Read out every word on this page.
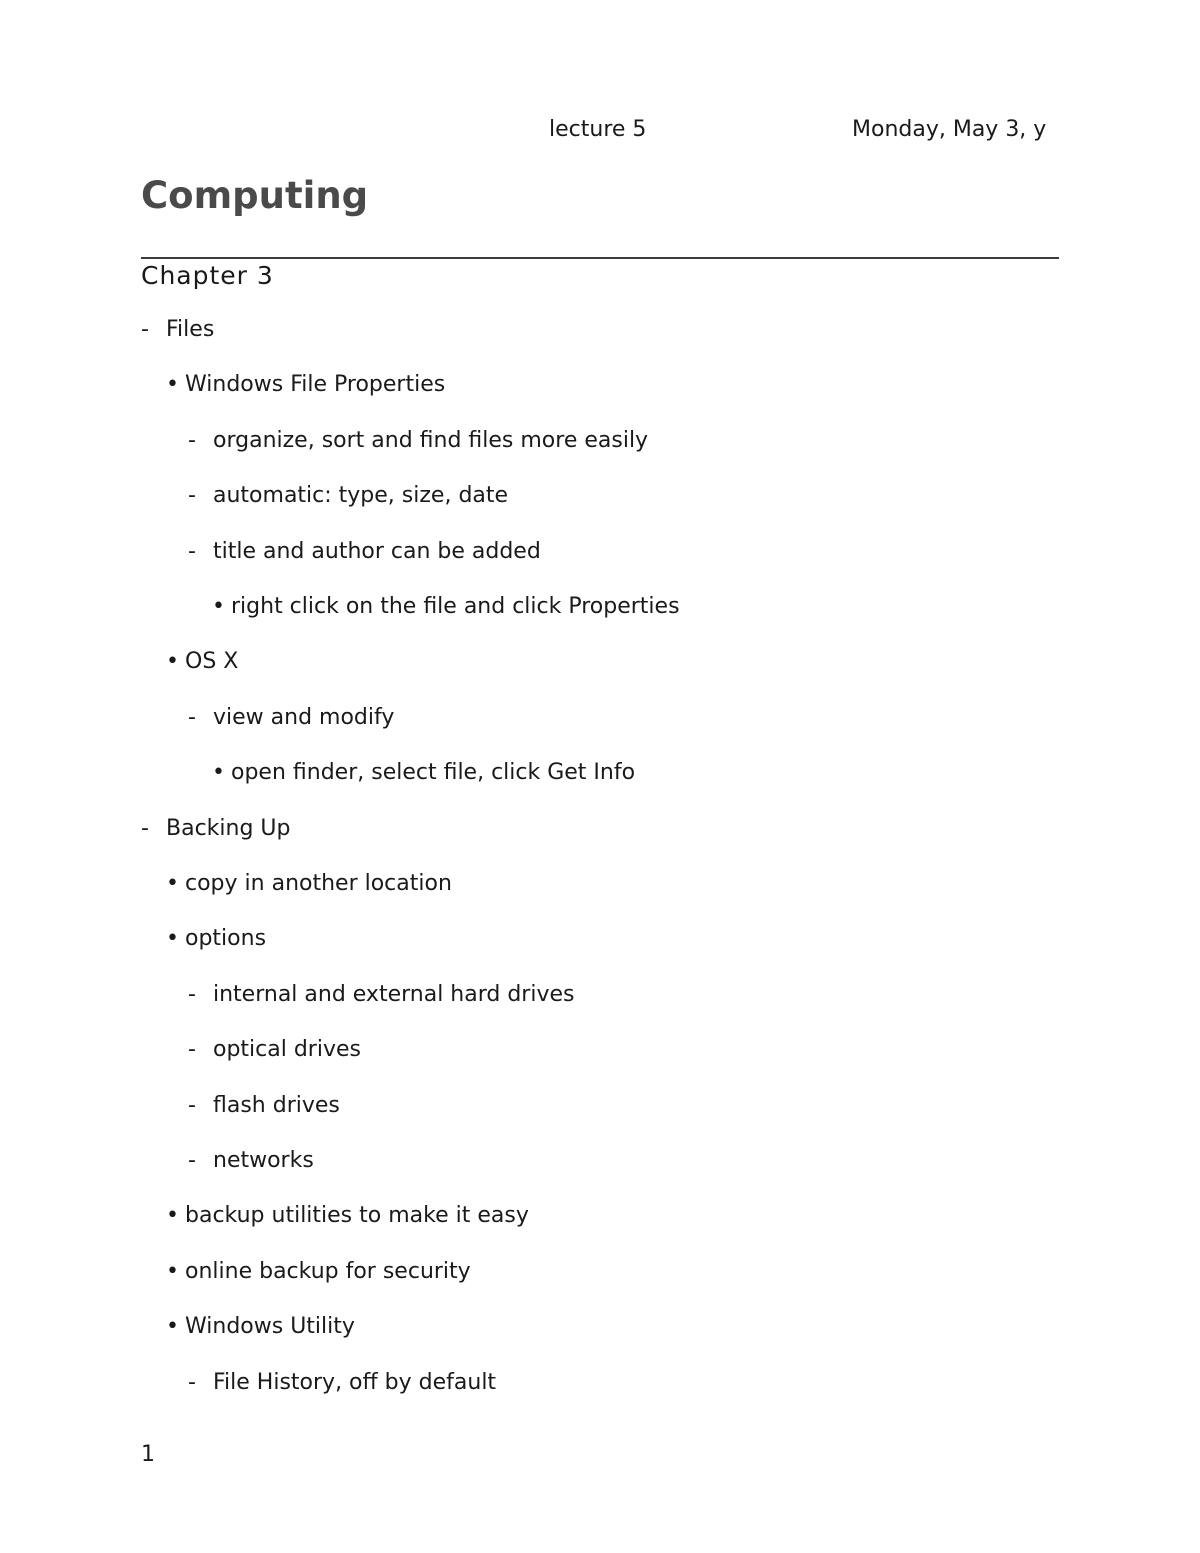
lecture 5	Monday, May 3, y
Computing
Chapter 3
- Files
• Windows File Properties
- organize, sort and find files more easily
- automatic: type, size, date
- title and author can be added
• right click on the file and click Properties
• OS X
- view and modify
• open finder, select file, click Get Info
- Backing Up
• copy in another location
• options
- internal and external hard drives
- optical drives
- flash drives
- networks
• backup utilities to make it easy
• online backup for security
• Windows Utility
- File History, off by default
1
